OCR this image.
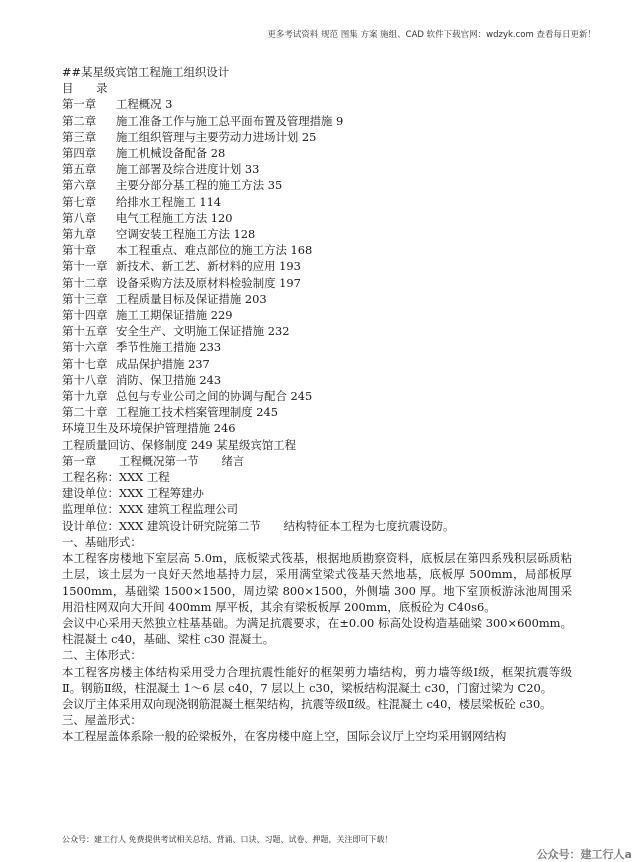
更多考试资料 规范 图集 方案 施组、CAD 软件下载官网：wdzyk.com 查看每日更新！
##某星级宾馆工程施工组织设计
目　　录
第一章 工程概况 3
第二章 施工准备工作与施工总平面布置及管理措施 9
第三章 施工组织管理与主要劳动力进场计划 25
第四章 施工机械设备配备 28
第五章 施工部署及综合进度计划 33
第六章 主要分部分基工程的施工方法 35
第七章 给排水工程施工 114
第八章 电气工程施工方法 120
第九章 空调安装工程施工方法 128
第十章 本工程重点、难点部位的施工方法 168
第十一章 新技术、新工艺、新材料的应用 193
第十二章 设备采购方法及原材料检验制度 197
第十三章 工程质量目标及保证措施 203
第十四章 施工工期保证措施 229
第十五章 安全生产、文明施工保证措施 232
第十六章 季节性施工措施 233
第十七章 成品保护措施 237
第十八章 消防、保卫措施 243
第十九章 总包与专业公司之间的协调与配合 245
第二十章 工程施工技术档案管理制度 245
环境卫生及环境保护管理措施 246
工程质量回访、保修制度 249 某星级宾馆工程
第一章　　工程概况第一节　　绪言
工程名称：XXX 工程
建设单位：XXX 工程筹建办
监理单位：XXX 建筑工程监理公司
设计单位：XXX 建筑设计研究院第二节　　结构特征本工程为七度抗震设防。
一、基础形式：

本工程客房楼地下室层高 5.0m，底板梁式筏基，根据地质勘察资料，底板层在第四系残积层砾质粘土层，该土层为一良好天然地基持力层，采用满堂梁式筏基天然地基，底板厚 500mm，局部板厚 1500mm，基础梁 1500×1500，周边梁 800×1500，外侧墙 300 厚。地下室顶板游泳池周围采用沿柱网双向大开间 400mm 厚平板，其余有梁板板厚 200mm，底板砼为 C40s6。

会议中心采用天然独立柱基基础。为满足抗震要求，在±0.00 标高处设构造基础梁 300×600mm。柱混凝土 c40，基础、梁柱 c30 混凝土。

二、主体形式：

本工程客房楼主体结构采用受力合理抗震性能好的框架剪力墙结构，剪力墙等级Ⅰ级，框架抗震等级Ⅱ。钢筋Ⅱ级，柱混凝土 1～6 层 c40，7 层以上 c30，梁板结构混凝土 c30，门窗过梁为 C20。

会议厅主体采用双向现浇钢筋混凝土框架结构，抗震等级Ⅱ级。柱混凝土 c40，楼层梁板砼 c30。

三、屋盖形式：

本工程屋盖体系除一般的砼梁板外，在客房楼中庭上空，国际会议厅上空均采用钢网结构

公众号：建工行人 免费提供考试相关总结、背诵、口诀、习题、试卷、押题，关注即可下载！
公众号：建工行人a
